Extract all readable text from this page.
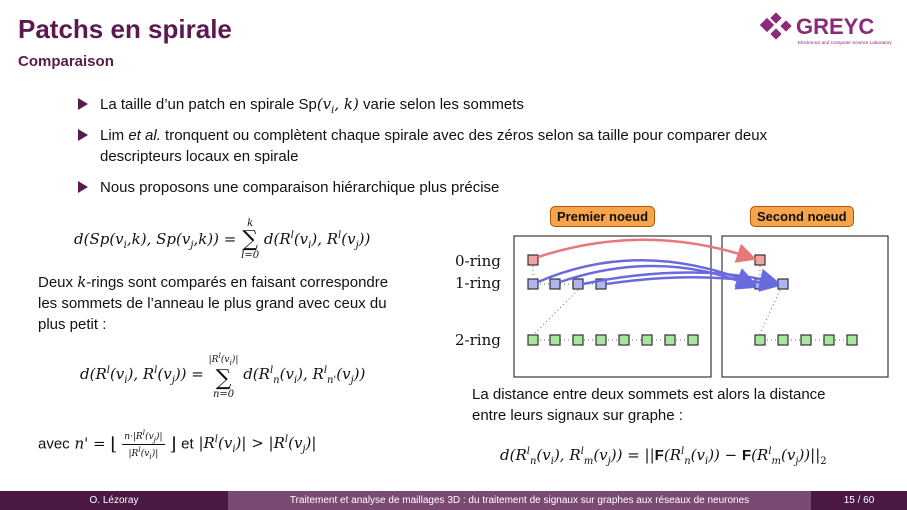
Patchs en spirale
Comparaison
GREYC
Electronics and Computer Science Laboratory
La taille d’un patch en spirale $Sp(v_i$, k) varie selon les sommets
Lim et al. tronquent ou complètent chaque spirale avec des zéros selon sa taille pour comparer deux
descripteurs locaux en spirale
Nous proposons une comparaison hiérarchique plus précise
$d(Sp(v_i,k)$, $Sp(v_j,k)$) =
k
∑
l=0
$d(R^l(v_i)$, $R^l(v_j)$)
Deux k-rings sont comparés en faisant correspondre
les sommets de l’anneau le plus grand avec ceux du
plus petit :
$d(R^l(v_i)$, $R^l(v_j)$) =
$|R^l(v_i)|$
∑
n=0
$d(R^l_n(v_i)$, $R^l_{n'}(v_j)$)
avec n' = ⌊ $\frac{n\cdot|R^l(v_j)|}{|R^l(v_i)|}$ ⌋ et $|R^l(v_i)| > |R^l(v_j)|$
Premier noeud	Second noeud
0-ring
1-ring
2-ring
La distance entre deux sommets est alors la distance
entre leurs signaux sur graphe :
$d(R^l_n(v_i)$, $R^l_m(v_j)) = ||F(R^l_n(v_i)) - F(R^l_m(v_j))||_2$
O. Lézoray	Traitement et analyse de maillages 3D : du traitement de signaux sur graphes aux réseaux de neurones	15 / 60
